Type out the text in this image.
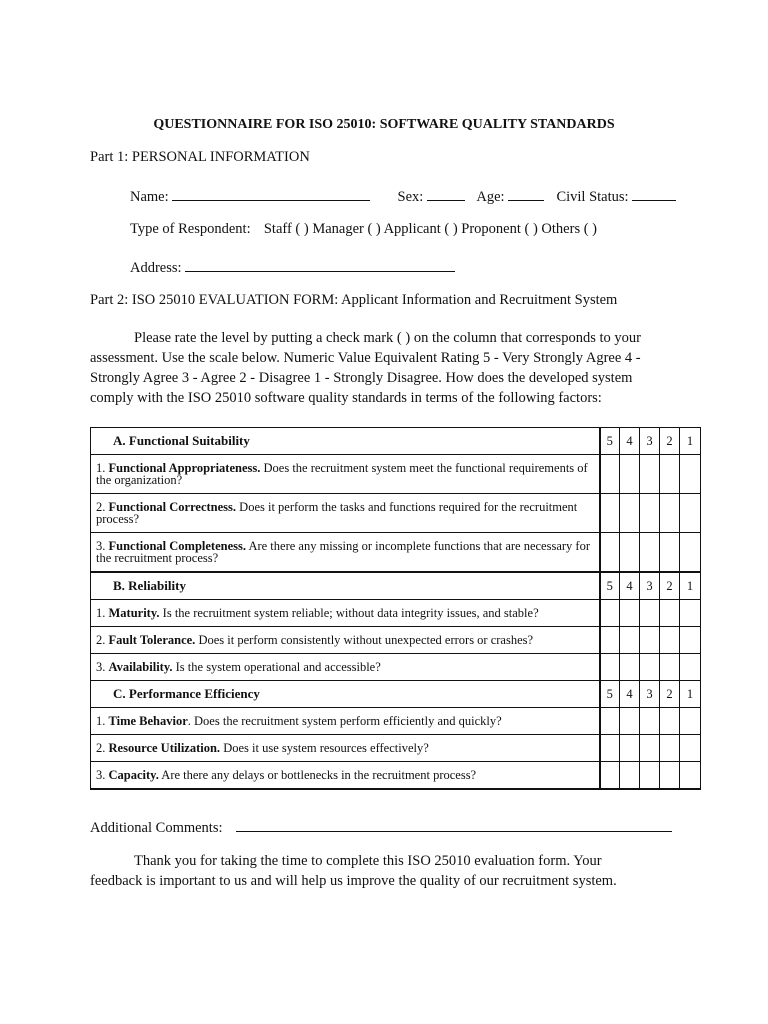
QUESTIONNAIRE FOR ISO 25010: SOFTWARE QUALITY STANDARDS
Part 1: PERSONAL INFORMATION
Name:	Sex:	Age:	Civil Status:
Type of Respondent: Staff ( ) Manager ( ) Applicant ( ) Proponent ( ) Others ( )
Address:
Part 2: ISO 25010 EVALUATION FORM: Applicant Information and Recruitment System
Please rate the level by putting a check mark ( ) on the column that corresponds to your assessment. Use the scale below. Numeric Value Equivalent Rating 5 - Very Strongly Agree 4 - Strongly Agree 3 - Agree 2 - Disagree 1 - Strongly Disagree. How does the developed system comply with the ISO 25010 software quality standards in terms of the following factors:
A. Functional Suitability	5	4	3	2	1
1. Functional Appropriateness. Does the recruitment system meet the functional requirements of the organization?					
2. Functional Correctness. Does it perform the tasks and functions required for the recruitment process?					
3. Functional Completeness. Are there any missing or incomplete functions that are necessary for the recruitment process?					
B. Reliability	5	4	3	2	1
1. Maturity. Is the recruitment system reliable; without data integrity issues, and stable?					
2. Fault Tolerance. Does it perform consistently without unexpected errors or crashes?					
3. Availability. Is the system operational and accessible?					
C. Performance Efficiency	5	4	3	2	1
1. Time Behavior. Does the recruitment system perform efficiently and quickly?					
2. Resource Utilization. Does it use system resources effectively?					
3. Capacity. Are there any delays or bottlenecks in the recruitment process?					
Additional Comments:
Thank you for taking the time to complete this ISO 25010 evaluation form. Your feedback is important to us and will help us improve the quality of our recruitment system.
